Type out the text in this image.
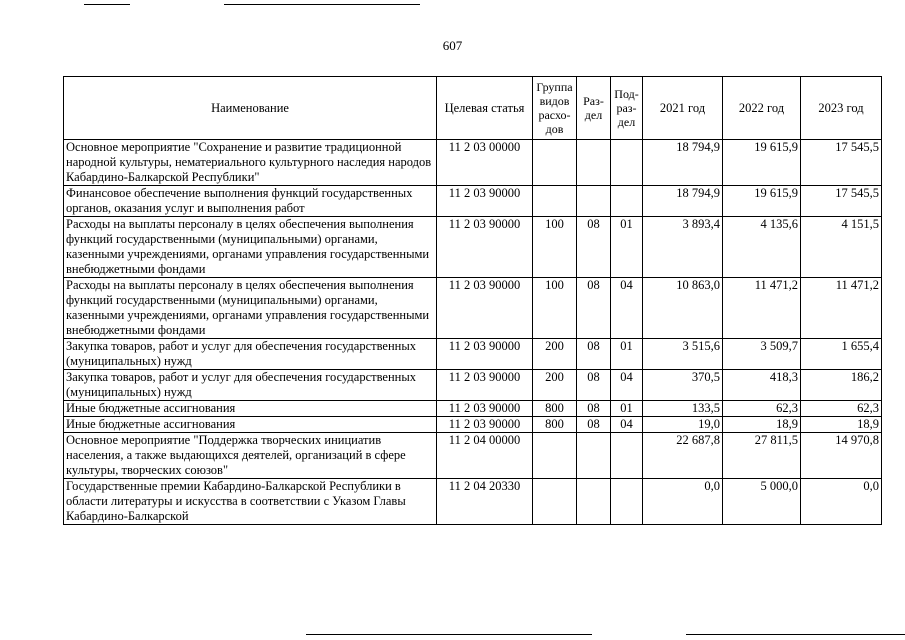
607
Наименование	Целевая статья	Группа видов расхо-дов	Раз-дел	Под-раз-дел	2021 год	2022 год	2023 год
Основное мероприятие "Сохранение и развитие традиционной народной культуры, нематериального культурного наследия народов Кабардино-Балкарской Республики"	11 2 03 00000				18 794,9	19 615,9	17 545,5
Финансовое обеспечение выполнения функций государственных органов, оказания услуг и выполнения работ	11 2 03 90000				18 794,9	19 615,9	17 545,5
Расходы на выплаты персоналу в целях обеспечения выполнения функций государственными (муниципальными) органами, казенными учреждениями, органами управления государственными внебюджетными фондами	11 2 03 90000	100	08	01	3 893,4	4 135,6	4 151,5
Расходы на выплаты персоналу в целях обеспечения выполнения функций государственными (муниципальными) органами, казенными учреждениями, органами управления государственными внебюджетными фондами	11 2 03 90000	100	08	04	10 863,0	11 471,2	11 471,2
Закупка товаров, работ и услуг для обеспечения государственных (муниципальных) нужд	11 2 03 90000	200	08	01	3 515,6	3 509,7	1 655,4
Закупка товаров, работ и услуг для обеспечения государственных (муниципальных) нужд	11 2 03 90000	200	08	04	370,5	418,3	186,2
Иные бюджетные ассигнования	11 2 03 90000	800	08	01	133,5	62,3	62,3
Иные бюджетные ассигнования	11 2 03 90000	800	08	04	19,0	18,9	18,9
Основное мероприятие "Поддержка творческих инициатив населения, а также выдающихся деятелей, организаций в сфере культуры, творческих союзов"	11 2 04 00000				22 687,8	27 811,5	14 970,8
Государственные премии Кабардино-Балкарской Республики в области литературы и искусства в соответствии с Указом Главы Кабардино-Балкарской	11 2 04 20330				0,0	5 000,0	0,0
